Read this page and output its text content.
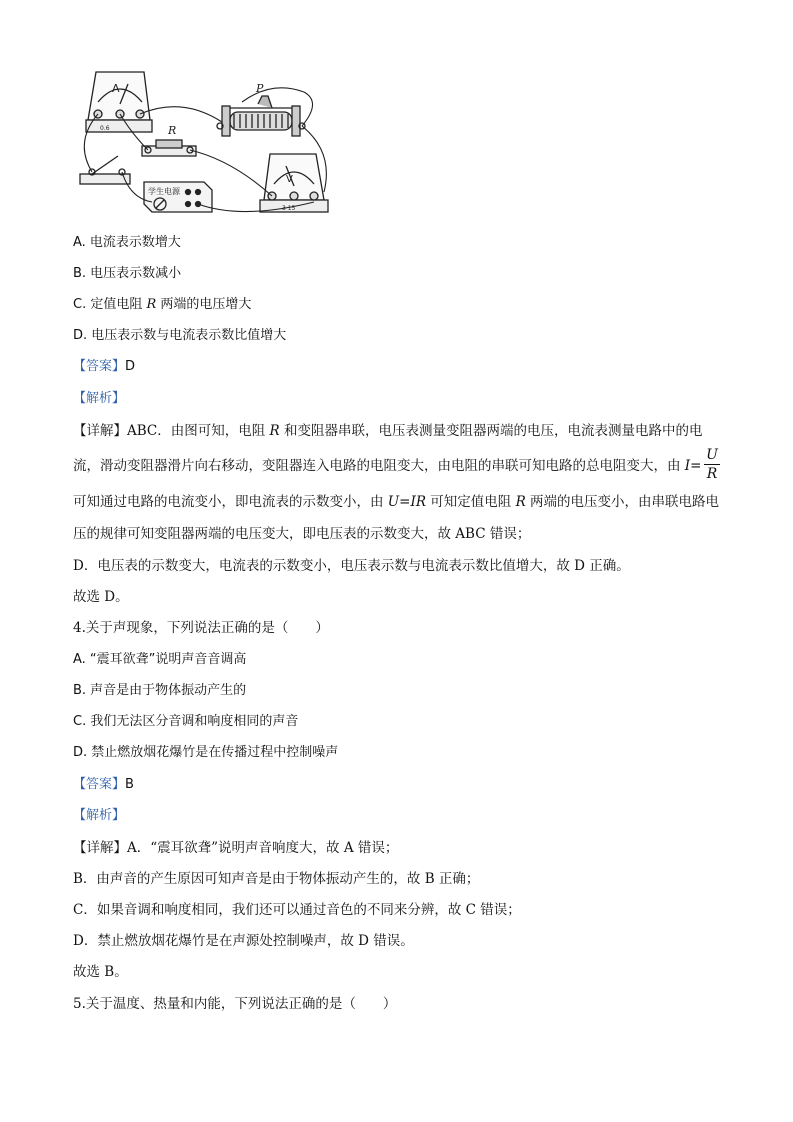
A
0.6	R
P
V
3 15
学生电源
A. 电流表示数增大
B. 电压表示数减小
C. 定值电阻 R 两端的电压增大
D. 电压表示数与电流表示数比值增大
【答案】D
【解析】
【详解】ABC．由图可知，电阻 R 和变阻器串联，电压表测量变阻器两端的电压，电流表测量电路中的电
流，滑动变阻器滑片向右移动，变阻器连入电路的电阻变大，由电阻的串联可知电路的总电阻变大，由 I=
U
R
可知通过电路的电流变小，即电流表的示数变小，由 U=IR 可知定值电阻 R 两端的电压变小，由串联电路电
压的规律可知变阻器两端的电压变大，即电压表的示数变大，故 ABC 错误；
D．电压表的示数变大，电流表的示数变小，电压表示数与电流表示数比值增大，故 D 正确。
故选 D。
4.关于声现象，下列说法正确的是（　　）
A. “震耳欲聋”说明声音音调高
B. 声音是由于物体振动产生的
C. 我们无法区分音调和响度相同的声音
D. 禁止燃放烟花爆竹是在传播过程中控制噪声
【答案】B
【解析】
【详解】A．“震耳欲聋”说明声音响度大，故 A 错误；
B．由声音的产生原因可知声音是由于物体振动产生的，故 B 正确；
C．如果音调和响度相同，我们还可以通过音色的不同来分辨，故 C 错误；
D．禁止燃放烟花爆竹是在声源处控制噪声，故 D 错误。
故选 B。
5.关于温度、热量和内能，下列说法正确的是（　　）
